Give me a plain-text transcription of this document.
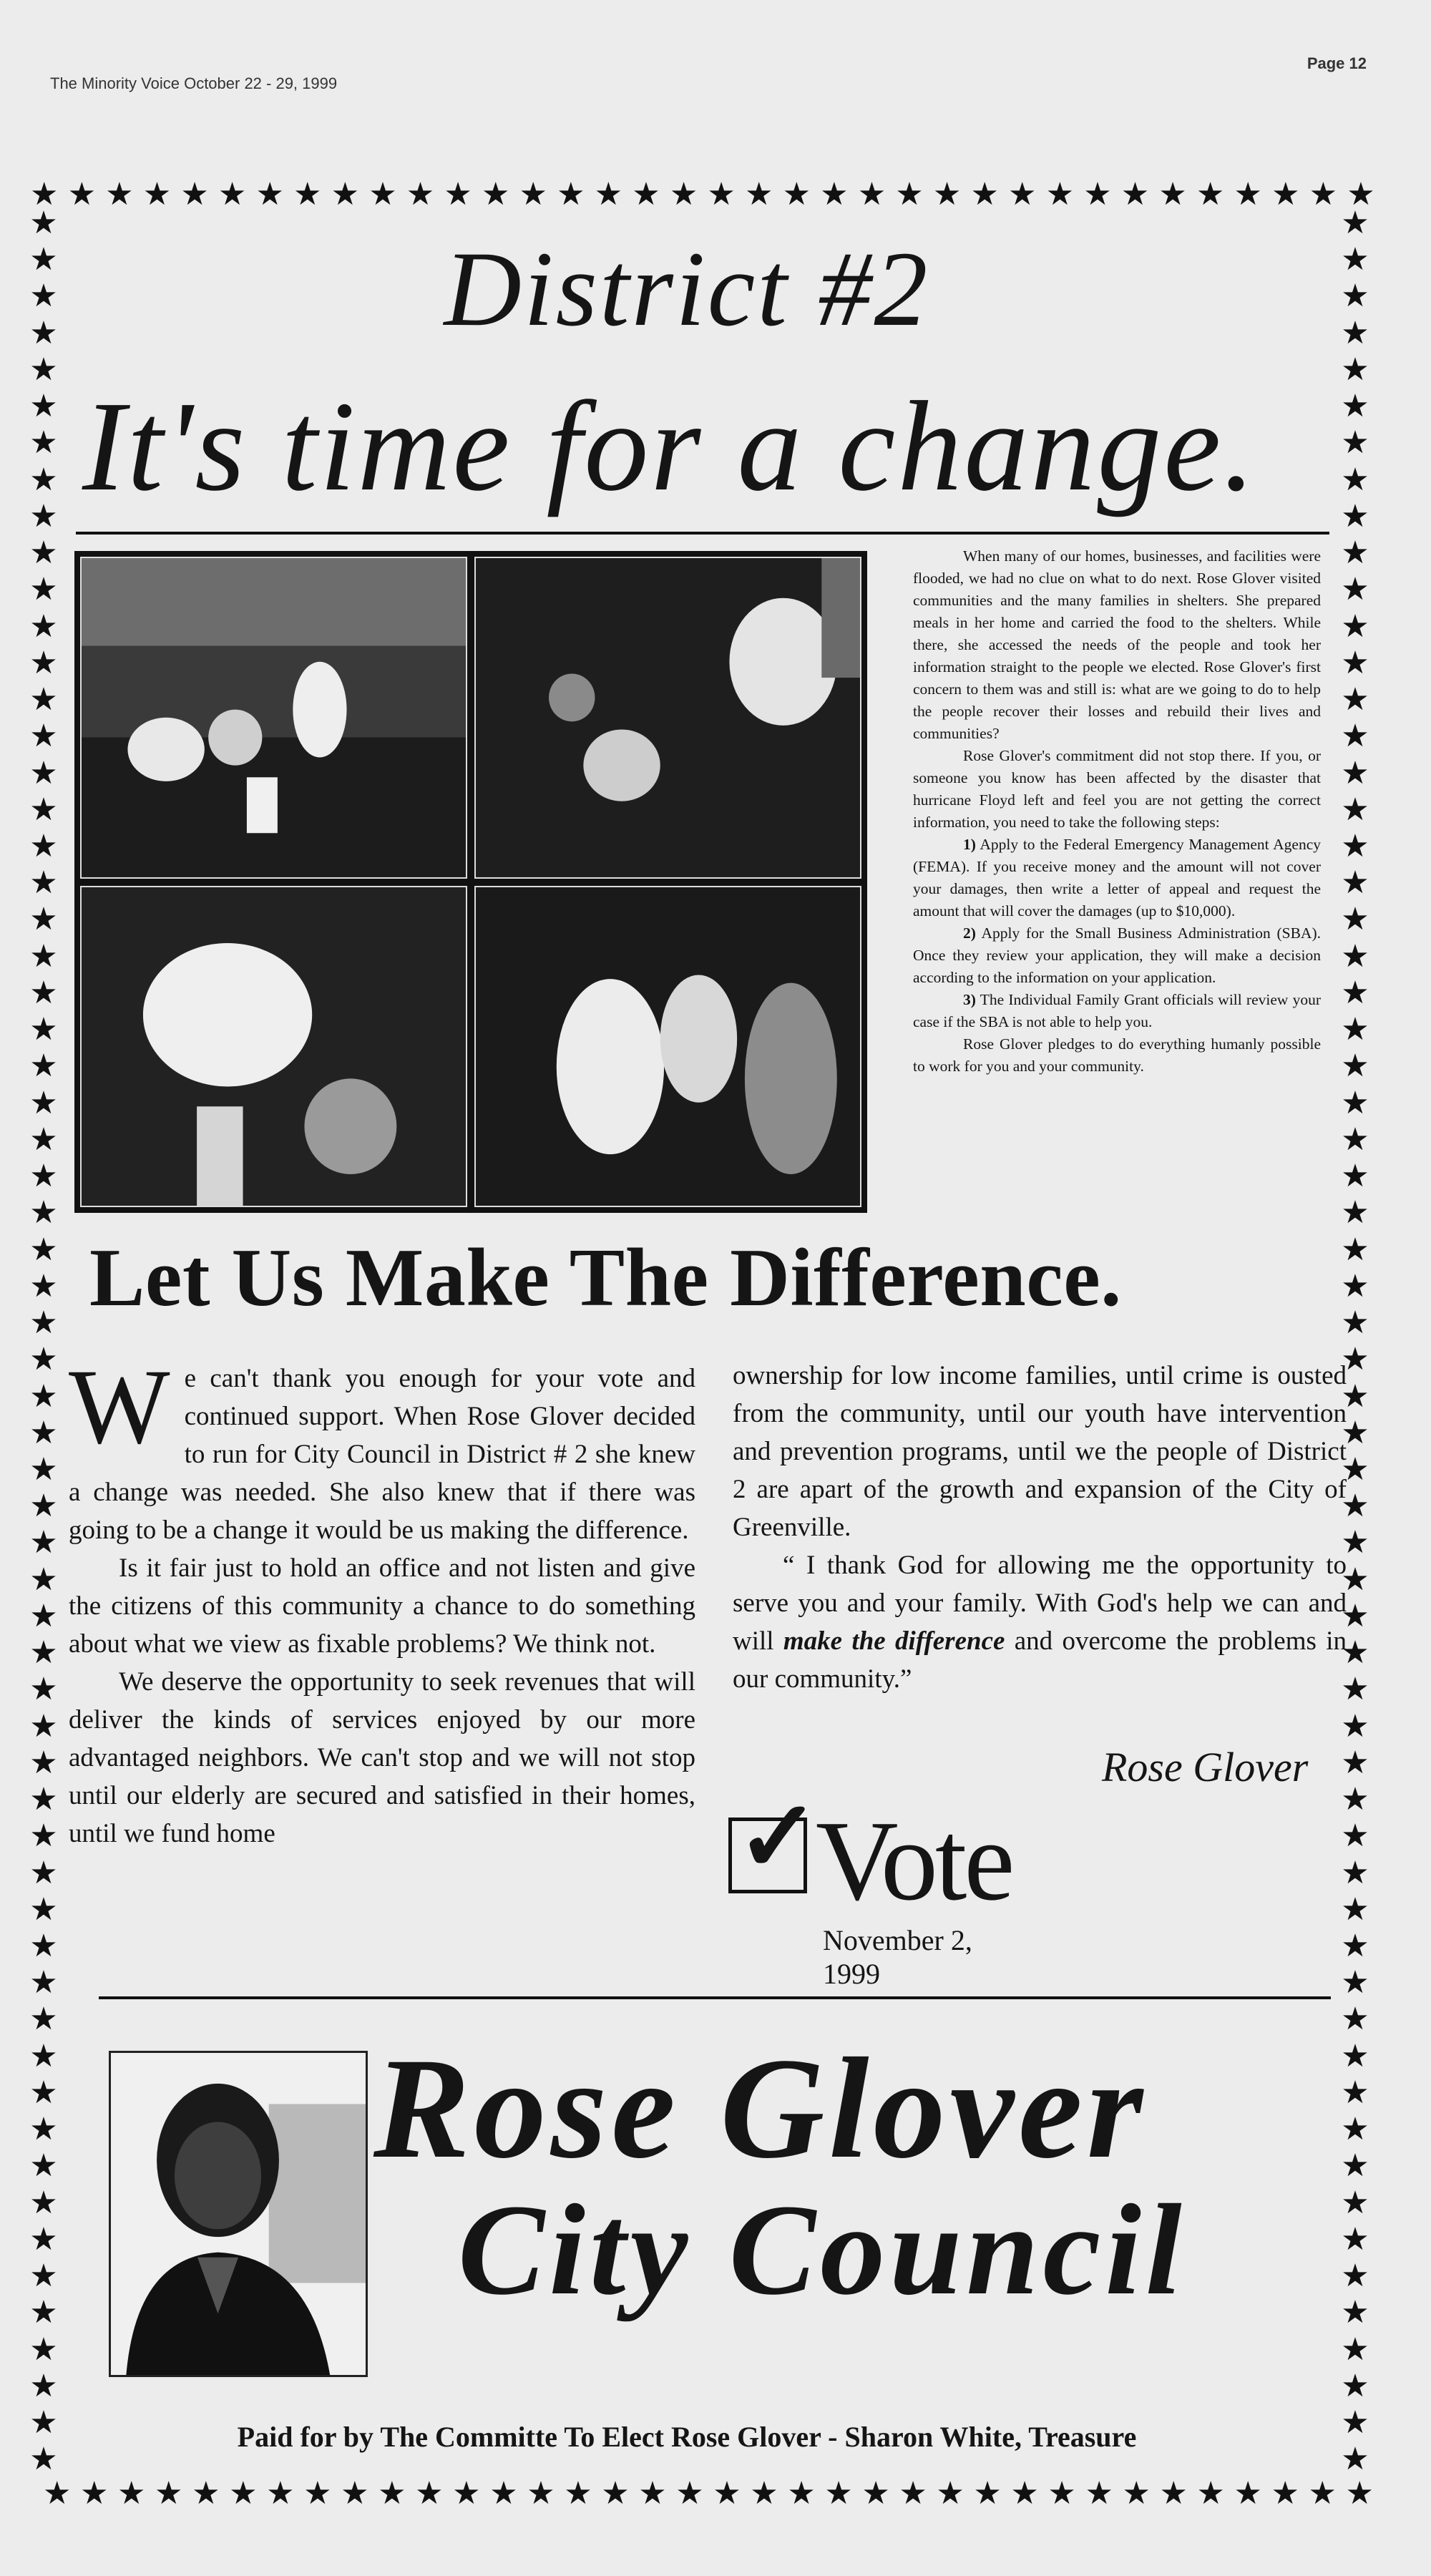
The Minority Voice October 22 - 29, 1999
Page 12
★ ★ ★ ★ ★ ★ ★ ★ ★ ★ ★ ★ ★ ★ ★ ★ ★ ★ ★ ★ ★ ★ ★ ★ ★ ★ ★ ★ ★ ★ ★ ★ ★ ★ ★ ★
★ ★ ★ ★ ★ ★ ★ ★ ★ ★ ★ ★ ★ ★ ★ ★ ★ ★ ★ ★ ★ ★ ★ ★ ★ ★ ★ ★ ★ ★ ★ ★ ★ ★ ★ ★
★
★
★
★
★
★
★
★
★
★
★
★
★
★
★
★
★
★
★
★
★
★
★
★
★
★
★
★
★
★
★
★
★
★
★
★
★
★
★
★
★
★
★
★
★
★
★
★
★
★
★
★
★
★
★
★
★
★
★
★
★
★
★
★
★
★
★
★
★
★
★
★
★
★
★
★
★
★
★
★
★
★
★
★
★
★
★
★
★
★
★
★
★
★
★
★
★
★
★
★
★
★
★
★
★
★
★
★
★
★
★
★
★
★
★
★
★
★
★
★
★
★
★
★
District #2
It's time for a change.

When many of our homes, businesses, and facilities were flooded, we had no clue on what to do next. Rose Glover visited communities and the many families in shelters. She prepared meals in her home and carried the food to the shelters. While there, she accessed the needs of the people and took her information straight to the people we elected. Rose Glover's first concern to them was and still is: what are we going to do to help the people recover their losses and rebuild their lives and communities?

Rose Glover's commitment did not stop there. If you, or someone you know has been affected by the disaster that hurricane Floyd left and feel you are not getting the correct information, you need to take the following steps:

1) Apply to the Federal Emergency Management Agency (FEMA). If you receive money and the amount will not cover your damages, then write a letter of appeal and request the amount that will cover the damages (up to $10,000).

2) Apply for the Small Business Administration (SBA). Once they review your application, they will make a decision according to the information on your application.

3) The Individual Family Grant officials will review your case if the SBA is not able to help you.

Rose Glover pledges to do everything humanly possible to work for you and your community.

Let Us Make The Difference.

We can't thank you enough for your vote and continued support. When Rose Glover decided to run for City Council in District # 2 she knew a change was needed. She also knew that if there was going to be a change it would be us making the difference.

Is it fair just to hold an office and not listen and give the citizens of this community a chance to do something about what we view as fixable problems? We think not.

We deserve the opportunity to seek revenues that will deliver the kinds of services enjoyed by our more advantaged neighbors. We can't stop and we will not stop until our elderly are secured and satisfied in their homes, until we fund home

ownership for low income families, until crime is ousted from the community, until our youth have intervention and prevention programs, until we the people of District 2 are apart of the growth and expansion of the City of Greenville.

“ I thank God for allowing me the opportunity to serve you and your family. With God's help we can and will make the difference and overcome the problems in our community.”

Rose Glover
✓
Vote
November 2, 1999
Rose Glover
City Council
Paid for by The Committe To Elect Rose Glover - Sharon White, Treasure
